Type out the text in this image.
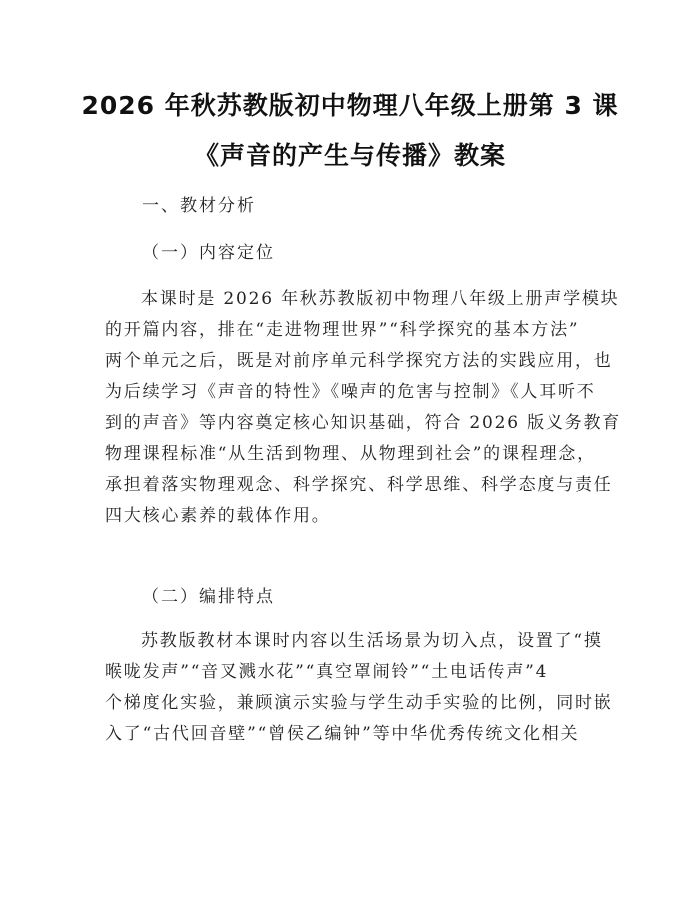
2026 年秋苏教版初中物理八年级上册第 3 课
《声音的产生与传播》教案
一、教材分析
（一）内容定位
本课时是 2026 年秋苏教版初中物理八年级上册声学模块
的开篇内容，排在“走进物理世界”“科学探究的基本方法”
两个单元之后，既是对前序单元科学探究方法的实践应用，也
为后续学习《声音的特性》《噪声的危害与控制》《人耳听不
到的声音》等内容奠定核心知识基础，符合 2026 版义务教育
物理课程标准“从生活到物理、从物理到社会”的课程理念，
承担着落实物理观念、科学探究、科学思维、科学态度与责任
四大核心素养的载体作用。
（二）编排特点
苏教版教材本课时内容以生活场景为切入点，设置了“摸
喉咙发声”“音叉溅水花”“真空罩闹铃”“土电话传声”4
个梯度化实验，兼顾演示实验与学生动手实验的比例，同时嵌
入了“古代回音壁”“曾侯乙编钟”等中华优秀传统文化相关
